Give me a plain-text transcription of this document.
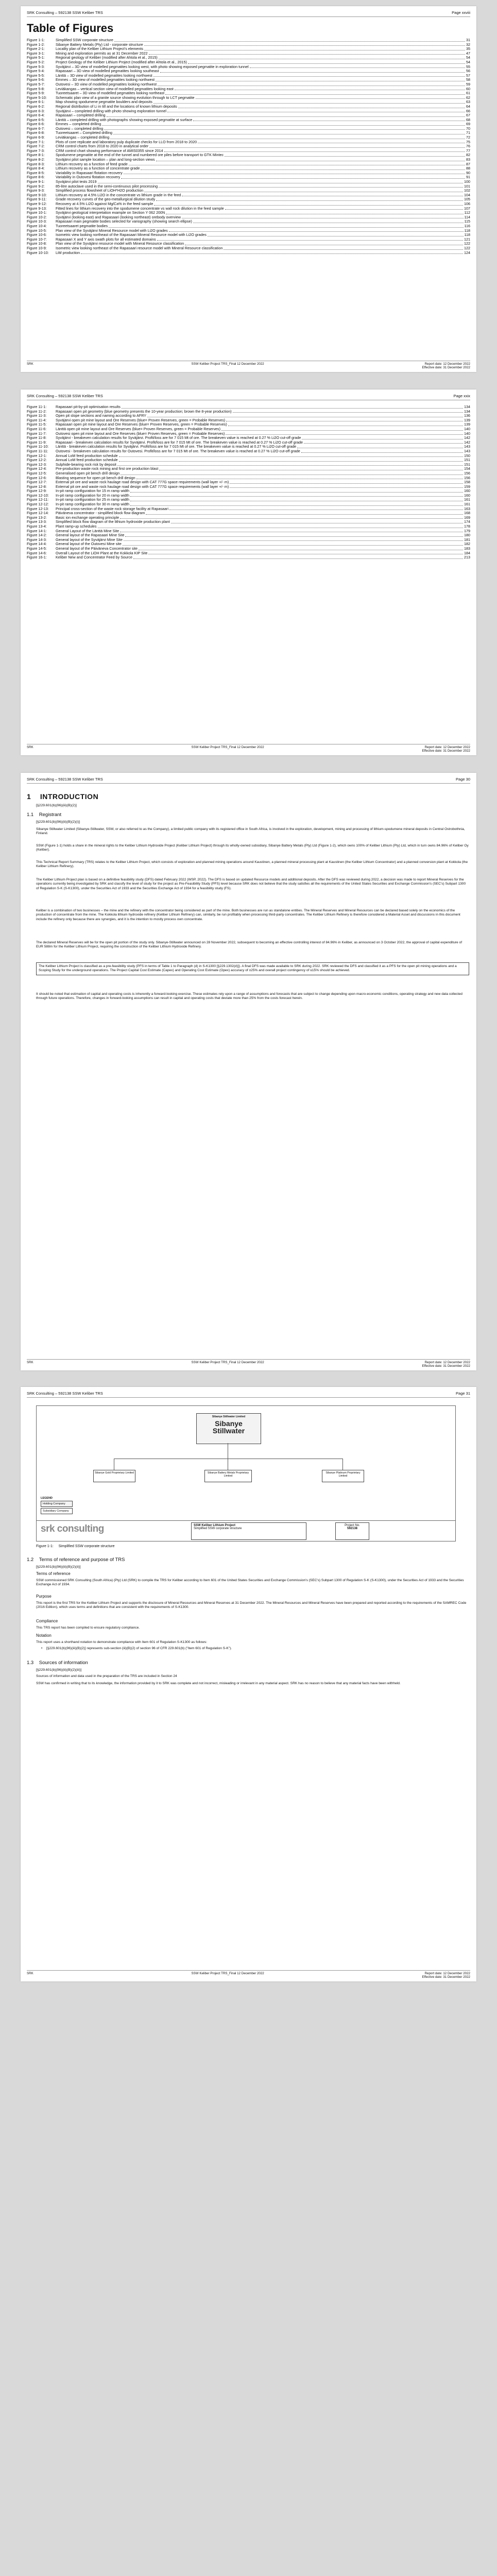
SRK Consulting – 592138 SSW Keliber TRS	Page xxviii
Table of Figures
Figure 1-1:	Simplified SSW corporate structure	31
Figure 1-2:	Sibanye Battery Metals (Pty) Ltd - corporate structure	32
Figure 2-1:	Locality plan of the Keliber Lithium Project's elements	35
Figure 3-1:	Mining and exploration permits as at 31 December 2022	47
Figure 5-1:	Regional geology of Keliber (modified after Ahtola et al., 2015)	54
Figure 5-2:	Project Geology of the Keliber Lithium Project (modified after Ahtola et al., 2015)	54
Figure 5-3:	Syväjärvi – 3D view of modelled pegmatites looking west, with photo showing exposed pegmatite in exploration tunnel	55
Figure 5-4:	Rapasaari – 3D view of modelled pegmatites looking southeast	56
Figure 5-5:	Länttä – 3D view of modelled pegmatites looking northwest	57
Figure 5-6:	Emmes – 3D view of modelled pegmatites looking northwest	58
Figure 5-7:	Outovesi – 3D view of modelled pegmatites looking northwest	59
Figure 5-8:	Leviäkangas – vertical section view of modelled pegmatites looking east	60
Figure 5-9:	Tuoreetsaaret – 3D view of modelled pegmatites looking northeast	61
Figure 5-10:	Schematic plan view of a granite source showing evolution through to LCT pegmatite	62
Figure 6-1:	Map showing spodumene pegmatite boulders and deposits	63
Figure 6-2:	Regional distribution of Li in till and the locations of known lithium deposits	64
Figure 6-3:	Syväjärvi – completed drilling with photo showing exploration tunnel	66
Figure 6-4:	Rapasaari – completed drilling	67
Figure 6-5:	Länttä – completed drilling with photographs showing exposed pegmatite at surface	68
Figure 6-6:	Emmes – completed drilling	69
Figure 6-7:	Outovesi – completed drilling	70
Figure 6-8:	Tuoreetsaaret – Completed drilling	71
Figure 6-9:	Leviäkangas – completed drilling	72
Figure 7-1:	Plots of core replicate and laboratory pulp duplicate checks for LLO from 2018 to 2020	75
Figure 7-2:	CRM control charts from 2018 to 2020 in analytical order	76
Figure 7-3:	CRM control chart showing performance of AMIS0355 since 2014	77
Figure 8-1:	Spodumene pegmatite at the end of the tunnel and numbered ore piles before transport to GTK Mintec	82
Figure 8-2:	Syväjärvi pilot sample location – plan and long-section views	83
Figure 8-3:	Lithium recovery as a function of feed grade	87
Figure 8-4:	Lithium recovery as a function of concentrate grade	88
Figure 8-5:	Variability in Rapasaari flotation recovery	90
Figure 8-6:	Variability in Outovesi flotation recovery	91
Figure 9-1:	Syväjärvi pilot tests 2019	100
Figure 9-2:	85-litre autoclave used in the semi-continuous pilot processing	101
Figure 9-3:	Simplified process flowsheet of LiOH*H2O production	102
Figure 9-10:	Lithium recovery at 4.5% Li2O in the concentrate vs lithium grade in the feed	104
Figure 9-11:	Grade recovery curves of the geo-metallurgical dilution study	105
Figure 9-12:	Recovery at 4.5% Li2O against Mg/Ca% in the feed sample	106
Figure 9-13:	Fitted lines for lithium recovery into the spodumene concentrate vs wall rock dilution in the feed sample	107
Figure 10-1:	Syväjärvi geological interpretation example on Section Y 062 200N	112
Figure 10-2:	Syväjärvi (looking east) and Rapasaari (looking northeast) orebody overview	114
Figure 10-3:	Rapasaari main pegmatite bodies selected for variography (showing search ellipse)	115
Figure 10-4:	Tuoreetsaaret pegmatite bodies	116
Figure 10-5:	Plan view of the Syväjärvi Mineral Resource model with Li2O grades	118
Figure 10-6:	Isometric view looking northeast of the Rapasaari Mineral Resource model with Li2O grades	118
Figure 10-7:	Rapasaari X and Y axis swath plots for all estimated domains	121
Figure 10-8:	Plan view of the Syväjärvi resource model with Mineral Resource classification	122
Figure 10-9:	Isometric view looking northeast of the Rapasaari resource model with Mineral Resource classification	122
Figure 10-10:	LiM production	124
SRK	SSW Keliber Project TRS_Final 12 December 2022	Report date: 12 December 2022
Effective date: 31 December 2022
SRK Consulting – 592138 SSW Keliber TRS	Page xxix
Figure 11-1:	Rapasaari pit-by-pit optimisation results	134
Figure 11-2:	Rapasaari open pit geometry (blue geometry presents the 10-year production; brown the 8-year production)	134
Figure 11-3:	Open pit slope sections and naming according to AFRY	136
Figure 11-4:	Syväjärvi open pit mine layout and Ore Reserves (blue= Proven Reserves, green = Probable Reserves)	139
Figure 11-5:	Rapasaari open pit mine layout and Ore Reserves (blue= Proven Reserves, green = Probable Reserves)	139
Figure 11-6:	Länttä open pit mine layout and Ore Reserves (blue= Proven Reserves, green = Probable Reserves)	140
Figure 11-7:	Outovesi open pit mine layout and Ore Reserves (blue= Proven Reserves, green = Probable Reserves)	140
Figure 11-8:	Syväjärvi - breakeven calculation results for Syväjärvi. Profit/loss are for 7 015 Mt of ore. The breakeven value is reached at 0.27 % Li2O cut-off grade	142
Figure 11-9:	Rapasaari - breakeven calculation results for Syväjärvi. Profit/loss are for 7 015 Mt of ore. The breakeven value is reached at 0.27 % Li2O cut-off grade	142
Figure 11-10:	Länttä - breakeven calculation results for Syväjärvi. Profit/loss are for 7 015 Mt of ore. The breakeven value is reached at 0.27 % Li2O cut-off grade	143
Figure 11-11:	Outovesi - breakeven calculation results for Outovesi. Profit/loss are for 7 015 Mt of ore. The breakeven value is reached at 0.27 % Li2O cut-off grade	143
Figure 12-1:	Annual LoM feed production schedule	150
Figure 12-2:	Annual LoM feed production schedule	151
Figure 12-3:	Sulphide-bearing rock risk by deposit	151
Figure 12-4:	Pre-production waste rock mining and first ore production blast	154
Figure 12-5:	Generalised open pit bench drill design	156
Figure 12-6:	Blasting sequence for open pit bench drill design	156
Figure 12-7:	External pit ore and waste rock haulage road design with CAT 777G space requirements (wall layer +/- m)	158
Figure 12-8:	External pit ore and waste rock haulage road design with CAT 777G space requirements (wall layer +/- m)	159
Figure 12-9:	In-pit ramp configuration for 15 m ramp width	160
Figure 12-10:	In-pit ramp configuration for 20 m ramp width	160
Figure 12-11:	In-pit ramp configuration for 25 m ramp width	161
Figure 12-12:	In-pit ramp configuration for 30 m ramp width	161
Figure 12-13:	Principal cross-section of the waste rock storage facility at Rapasaari	163
Figure 12-14:	Päiväneva concentrator - simplified block flow diagram	168
Figure 13-2:	Basic ion exchange operating principle	169
Figure 13-3:	Simplified block flow diagram of the lithium hydroxide production plant	174
Figure 13-4:	Plant ramp-up schedules	178
Figure 14-1:	General Layout of the Länttä Mine Site	179
Figure 14-2:	General layout of the Rapasaari Mine Site	180
Figure 14-3:	General layout of the Syväjärvi Mine Site	181
Figure 14-4:	General layout of the Outovesi Mine site	182
Figure 14-5:	General layout of the Päiväneva Concentrator site	183
Figure 14-6:	Overall Layout of the LiOH Plant at the Kokkola KIP Site	184
Figure 16-1:	Keliber New and Concentrator Feed by Source	213
SRK	SSW Keliber Project TRS_Final 12 December 2022	Report date: 12 December 2022
Effective date: 31 December 2022
SRK Consulting – 592138 SSW Keliber TRS	Page 30
1 INTRODUCTION
[§229.601(b)(96)(iii)(B)(2)]
1.1 Registrant
[§229.601(b)(96)(iii)(B)(2)(i)]
Sibanye Stillwater Limited (Sibanye-Stillwater, SSW, or also referred to as the Company), a limited public company with its registered office in South Africa, is involved in the exploration, development, mining and processing of lithium-spodumene mineral deposits in Central Ostrobothnia, Finland.
SSW (Figure 1-1) holds a share in the mineral rights to the Keliber Lithium Hydroxide Project (Keliber Lithium Project) through its wholly-owned subsidiary, Sibanye Battery Metals (Pty) Ltd (Figure 1-2), which owns 100% of Keliber Lithium (Pty) Ltd, which in turn owns 84.96% of Keliber Oy (Keliber).
This Technical Report Summary (TRS) relates to the Keliber Lithium Project, which consists of exploration and planned mining operations around Kaustinen, a planned mineral processing plant at Kaustinen (the Keliber Lithium Concentrator) and a planned conversion plant at Kokkola (the Keliber Lithium Refinery).
The Keliber Lithium Project plan is based on a definitive feasibility study (DFS) dated February 2022 (WSP, 2022). The DFS is based on updated Resource models and additional deposits. After the DFS was reviewed during 2022, a decision was made to report Mineral Reserves for the operations currently being investigated by SRK and classify the level of study for the project as Pre-Feasibility Study (PFS) level because SRK does not believe that the study satisfies all the requirements of the United States Securities and Exchange Commission's (SEC's) Subpart 1300 of Regulation S-K (S-K1300), under the Securities Act of 1933 and the Securities Exchange Act of 1934 for a feasibility study (FS).
Keliber is a combination of two businesses – the mine and the refinery with the concentrator being considered as part of the mine. Both businesses are run as standalone entities. The Mineral Reserves and Mineral Resources can be declared based solely on the economics of the production of concentrate from the mine. The Kokkola lithium hydroxide refinery (Keliber Lithium Refinery) can, similarly, be run profitably when processing third-party concentrates. The Keliber Lithium Refinery is therefore considered a Material Asset and discussions in this document include the refinery only because there are synergies, and it is the intention to mostly process own concentrate.
The declared Mineral Reserves will be for the open pit portion of the study only. Sibanye-Stillwater announced on 28 November 2022, subsequent to becoming an effective controlling interest of 84.96% in Keliber, as announced on 3 October 2022, the approval of capital expenditure of EUR 588m for the Keliber Lithium Project, requiring the construction of the Keliber Lithium Hydroxide Refinery.
The Keliber Lithium Project is classified as a pre-feasibility study (PFS in terms of Table 1 to Paragraph (d) in S-K1300 [§229.1302(d)]). A final DFS was made available to SRK during 2022. SRK reviewed the DFS and classified it as a PFS for the open pit mining operations and a Scoping Study for the underground operations. The Project Capital Cost Estimate (Capex) and Operating Cost Estimate (Opex) accuracy of ±25% and overall project contingency of ≤15% should be achieved.
It should be noted that estimation of capital and operating costs is inherently a forward-looking exercise. These estimates rely upon a range of assumptions and forecasts that are subject to change depending upon macro-economic conditions, operating strategy and new data collected through future operations. Therefore, changes in forward-looking assumptions can result in capital and operating costs that deviate more than 25% from the costs forecast herein.
SRK	SSW Keliber Project TRS_Final 12 December 2022	Report date: 12 December 2022
Effective date: 31 December 2022
SRK Consulting – 592138 SSW Keliber TRS	Page 31
Sibanye Stillwater Limited
Sibanye
Stillwater
Sibanye Gold Proprietary Limited	Sibanye Battery Metals Proprietary Limited
Sibanye Platinum Proprietary Limited
LEGEND
Holding Company
Subsidiary Company
srk consulting	SSW Keliber Lithium Project
Simplified SSW corporate structure
Project No.
592138
Figure 1-1: Simplified SSW corporate structure
1.2 Terms of reference and purpose of TRS
[§229.601(b)(96)(iii)(B)(2)(ii)]
Terms of reference
SSW commissioned SRK Consulting (South Africa) (Pty) Ltd (SRK) to compile the TRS for Keliber according to Item 601 of the United States Securities and Exchange Commission's (SEC's) Subpart 1300 of Regulation S-K (S-K1300), under the Securities Act of 1933 and the Securities Exchange Act of 1934.
Purpose
This report is the first TRS for the Keliber Lithium Project and supports the disclosure of Mineral Resources and Mineral Reserves at 31 December 2022. The Mineral Resources and Mineral Reserves have been prepared and reported according to the requirements of the SAMREC Code (2016 Edition), which uses terms and definitions that are consistent with the requirements of S-K1300.
Compliance
This TRS report has been compiled to ensure regulatory compliance.
Notation
This report uses a shorthand notation to demonstrate compliance with Item 601 of Regulation S-K1300 as follows:
•	[§229.601(b)(96)(iii)(B)(2)] represents sub-section (iii)(B)(2) of section 96 of CFR 229.601(b) ("Item 601 of Regulation S-K").
1.3 Sources of information
[§229.601(b)(96)(iii)(B)(2)(iii)]
Sources of information and data used in the preparation of the TRS are included in Section 24
SSW has confirmed in writing that to its knowledge, the information provided by it to SRK was complete and not incorrect, misleading or irrelevant in any material aspect. SRK has no reason to believe that any material facts have been withheld.
SRK	SSW Keliber Project TRS_Final 12 December 2022	Report date: 12 December 2022
Effective date: 31 December 2022
